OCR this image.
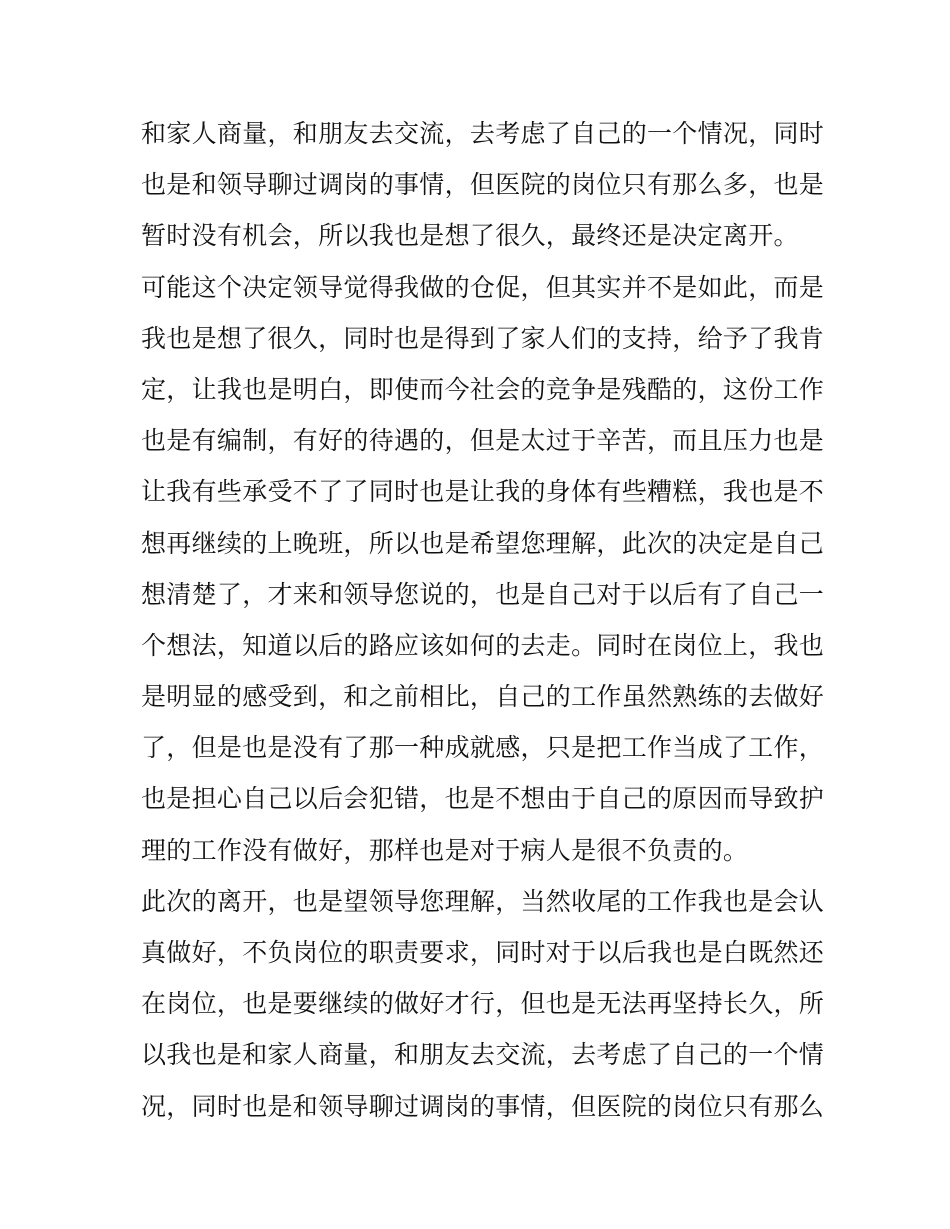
和家人商量，和朋友去交流，去考虑了自己的一个情况，同时
也是和领导聊过调岗的事情，但医院的岗位只有那么多，也是
暂时没有机会，所以我也是想了很久，最终还是决定离开。
可能这个决定领导觉得我做的仓促，但其实并不是如此，而是
我也是想了很久，同时也是得到了家人们的支持，给予了我肯
定，让我也是明白，即使而今社会的竞争是残酷的，这份工作
也是有编制，有好的待遇的，但是太过于辛苦，而且压力也是
让我有些承受不了了同时也是让我的身体有些糟糕，我也是不
想再继续的上晚班，所以也是希望您理解，此次的决定是自己
想清楚了，才来和领导您说的，也是自己对于以后有了自己一
个想法，知道以后的路应该如何的去走。同时在岗位上，我也
是明显的感受到，和之前相比，自己的工作虽然熟练的去做好
了，但是也是没有了那一种成就感，只是把工作当成了工作，
也是担心自己以后会犯错，也是不想由于自己的原因而导致护
理的工作没有做好，那样也是对于病人是很不负责的。
此次的离开，也是望领导您理解，当然收尾的工作我也是会认
真做好，不负岗位的职责要求，同时对于以后我也是白既然还
在岗位，也是要继续的做好才行，但也是无法再坚持长久，所
以我也是和家人商量，和朋友去交流，去考虑了自己的一个情
况，同时也是和领导聊过调岗的事情，但医院的岗位只有那么
